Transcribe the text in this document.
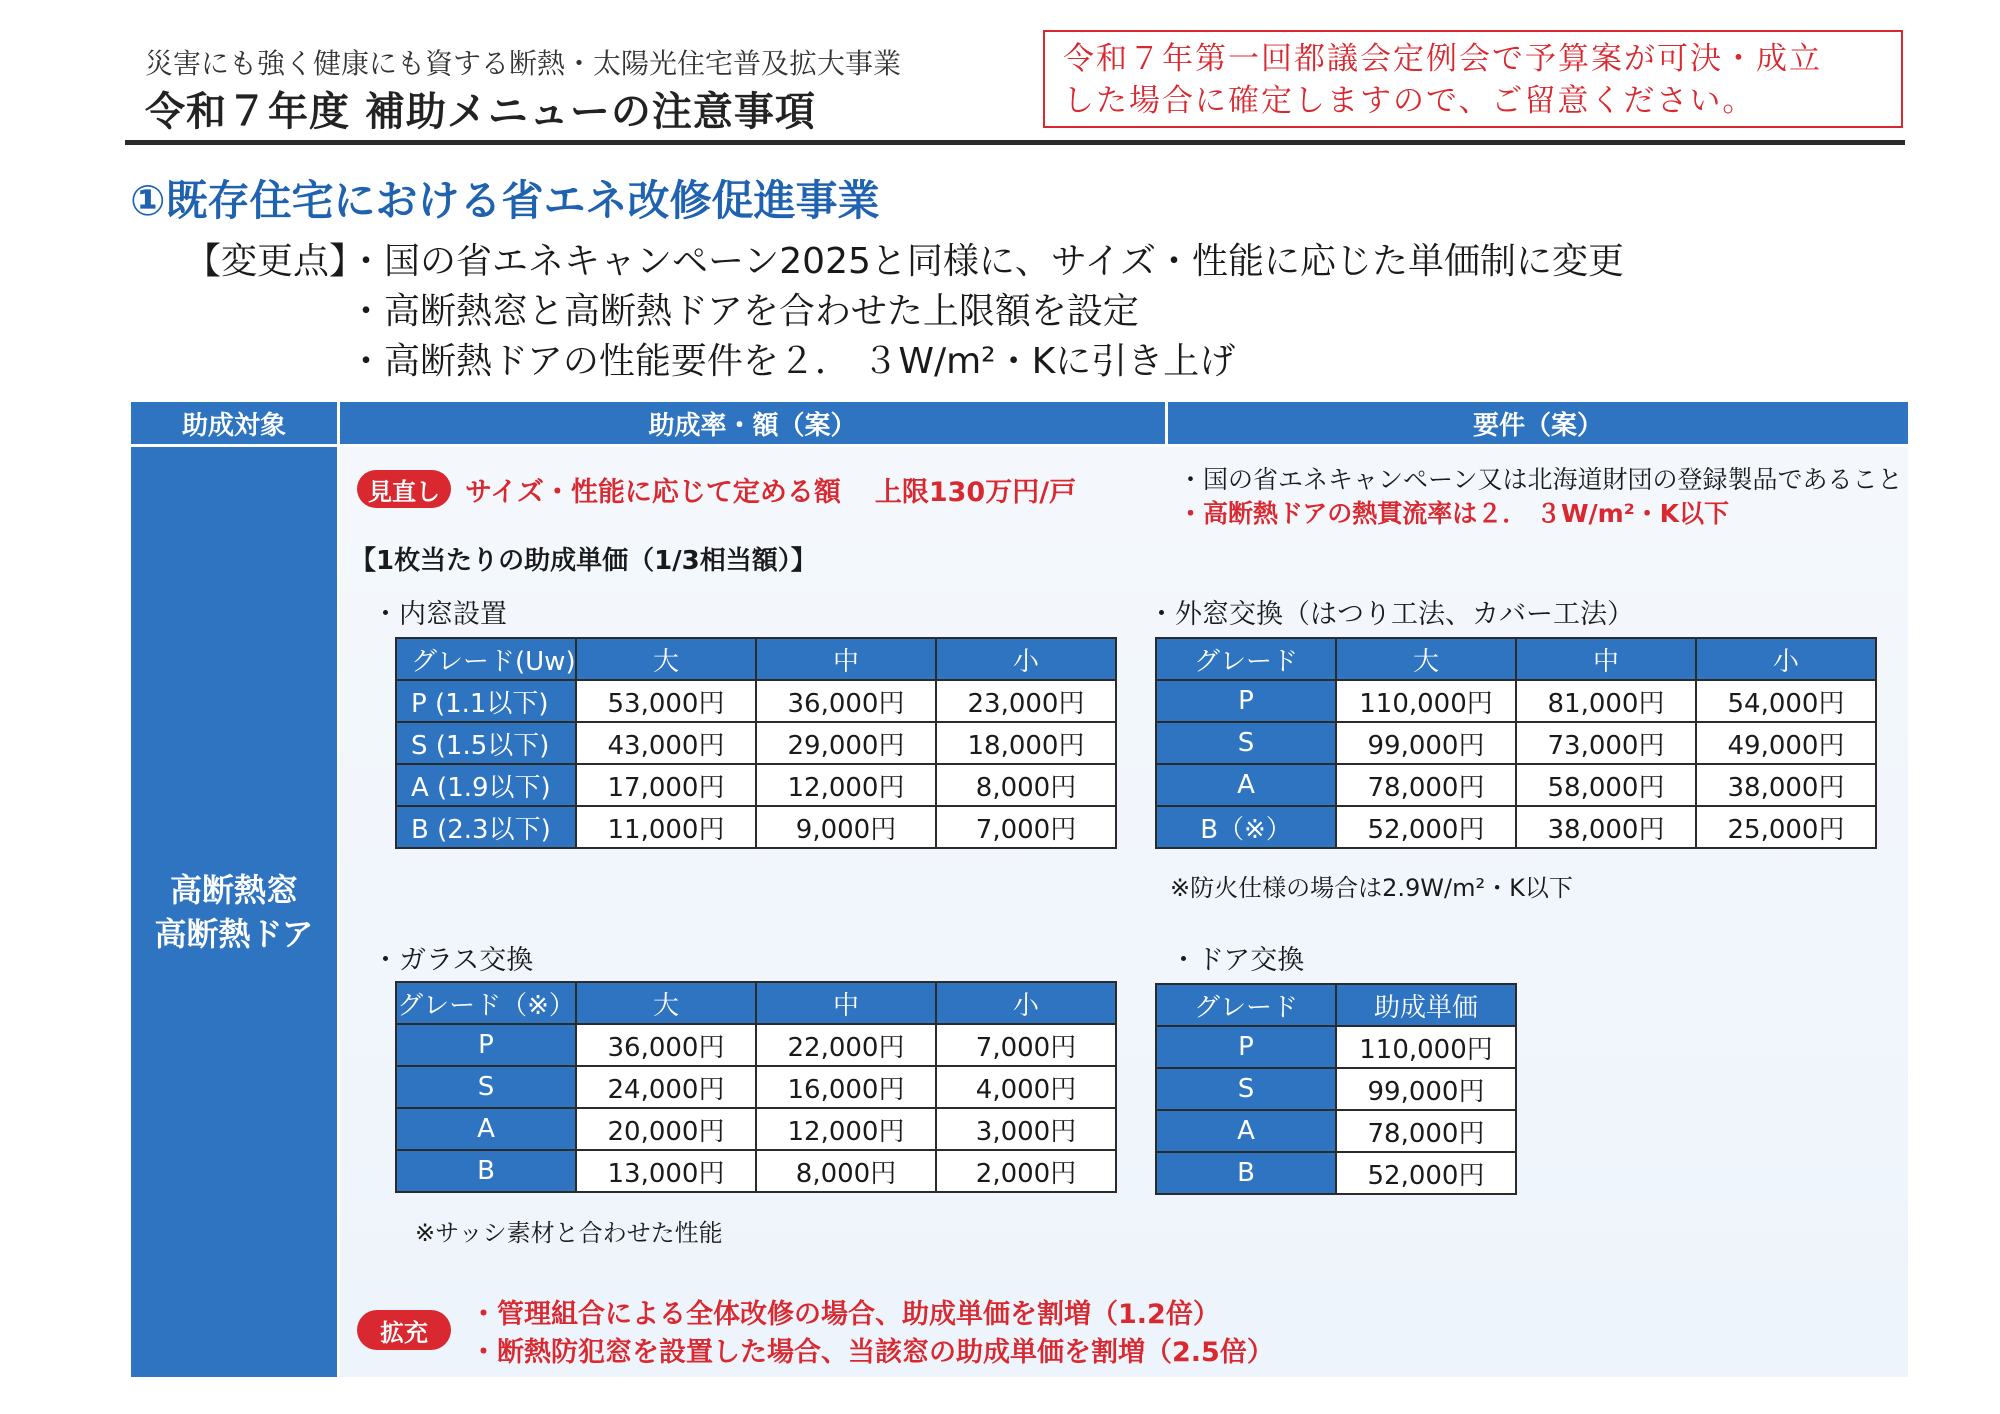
災害にも強く健康にも資する断熱・太陽光住宅普及拡大事業
令和７年度 補助メニューの注意事項
令和７年第一回都議会定例会で予算案が可決・成立
した場合に確定しますので、ご留意ください。
①既存住宅における省エネ改修促進事業
【変更点】
・国の省エネキャンペーン2025と同様に、サイズ・性能に応じた単価制に変更
・高断熱窓と高断熱ドアを合わせた上限額を設定
・高断熱ドアの性能要件を２． ３W/m²・Kに引き上げ
助成対象	助成率・額（案）	要件（案）
高断熱窓
高断熱ドア
見直し サイズ・性能に応じて定める額 上限130万円/戸	・国の省エネキャンペーン又は北海道財団の登録製品であること
・高断熱ドアの熱貫流率は２． ３W/m²・K以下
【1枚当たりの助成単価（1/3相当額）】
・内窓設置
グレード(Uw)	大	中	小
P (1.1以下)	53,000円	36,000円	23,000円
S (1.5以下)	43,000円	29,000円	18,000円
A (1.9以下)	17,000円	12,000円	8,000円
B (2.3以下)	11,000円	9,000円	7,000円
・外窓交換（はつり工法、カバー工法）
グレード	大	中	小
P	110,000円	81,000円	54,000円
S	99,000円	73,000円	49,000円
A	78,000円	58,000円	38,000円
B（※）	52,000円	38,000円	25,000円
※防火仕様の場合は2.9W/m²・K以下
・ガラス交換
グレード（※）	大	中	小
P	36,000円	22,000円	7,000円
S	24,000円	16,000円	4,000円
A	20,000円	12,000円	3,000円
B	13,000円	8,000円	2,000円
※サッシ素材と合わせた性能
・ドア交換
グレード	助成単価
P	110,000円
S	99,000円
A	78,000円
B	52,000円
拡充
・管理組合による全体改修の場合、助成単価を割増（1.2倍）
・断熱防犯窓を設置した場合、当該窓の助成単価を割増（2.5倍）
